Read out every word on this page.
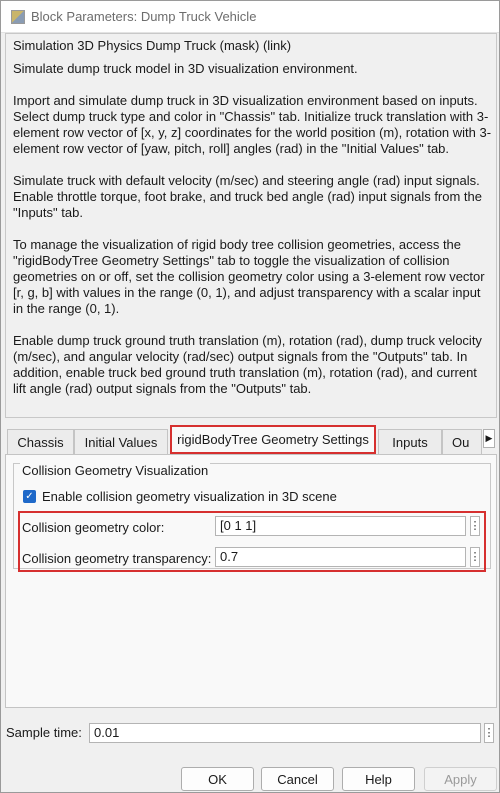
Block Parameters: Dump Truck Vehicle
Simulation 3D Physics Dump Truck (mask) (link)

Simulate dump truck model in 3D visualization environment.

Import and simulate dump truck in 3D visualization environment based on inputs. Select dump truck type and color in "Chassis" tab. Initialize truck translation with 3-element row vector of [x, y, z] coordinates for the world position (m), rotation with 3-element row vector of [yaw, pitch, roll] angles (rad) in the "Initial Values" tab.

Simulate truck with default velocity (m/sec) and steering angle (rad) input signals. Enable throttle torque, foot brake, and truck bed angle (rad) input signals from the "Inputs" tab.

To manage the visualization of rigid body tree collision geometries, access the "rigidBodyTree Geometry Settings" tab to toggle the visualization of collision geometries on or off, set the collision geometry color using a 3-element row vector [r, g, b] with values in the range (0, 1), and adjust transparency with a scalar input in the range (0, 1).

Enable dump truck ground truth translation (m), rotation (rad), dump truck velocity (m/sec), and angular velocity (rad/sec) output signals from the "Outputs" tab. In addition, enable truck bed ground truth translation (m), rotation (rad), and current lift angle (rad) output signals from the "Outputs" tab.

Chassis	Initial Values	rigidBodyTree Geometry Settings	Inputs	Ou	▶
Collision Geometry Visualization
✓ Enable collision geometry visualization in 3D scene
Collision geometry color:	[0 1 1]	⋮
Collision geometry transparency: 0.7	⋮
Sample time: 0.01	⋮
OK	Cancel	Help	Apply
